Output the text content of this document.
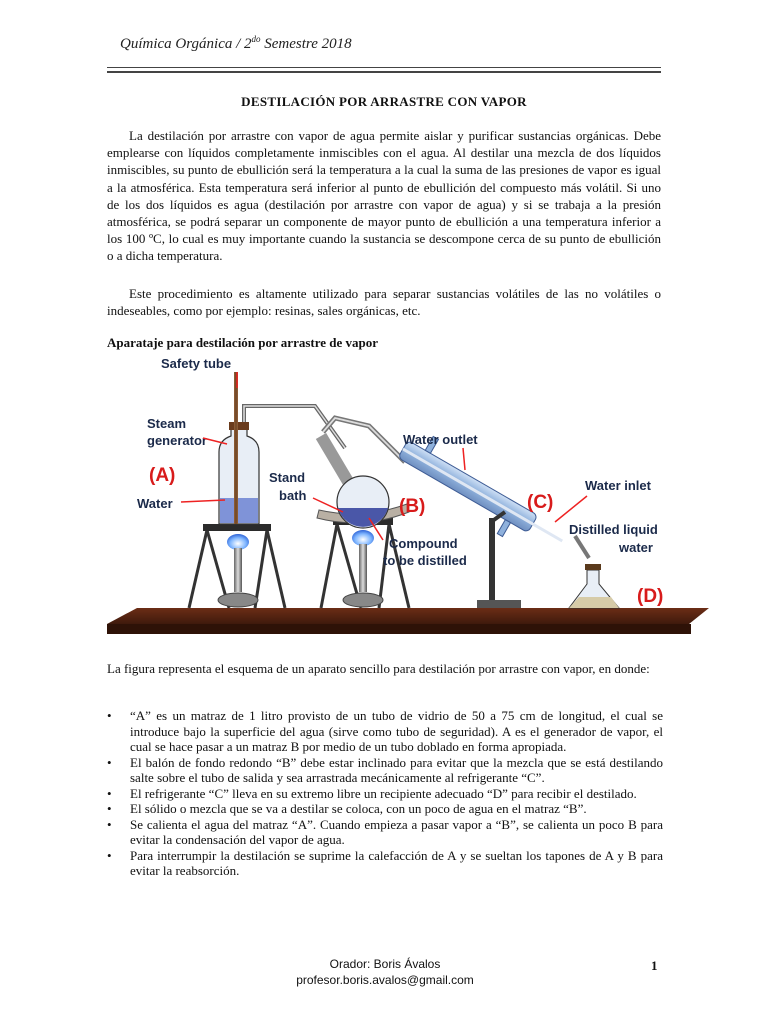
Química Orgánica / $2^{do}$ Semestre 2018
DESTILACIÓN POR ARRASTRE CON VAPOR

La destilación por arrastre con vapor de agua permite aislar y purificar sustancias orgánicas. Debe emplearse con líquidos completamente inmiscibles con el agua. Al destilar una mezcla de dos líquidos inmiscibles, su punto de ebullición será la temperatura a la cual la suma de las presiones de vapor es igual a la atmosférica. Esta temperatura será inferior al punto de ebullición del compuesto más volátil. Si uno de los dos líquidos es agua (destilación por arrastre con vapor de agua) y si se trabaja a la presión atmosférica, se podrá separar un componente de mayor punto de ebullición a una temperatura inferior a los 100 ºC, lo cual es muy importante cuando la sustancia se descompone cerca de su punto de ebullición o a dicha temperatura.

Este procedimiento es altamente utilizado para separar sustancias volátiles de las no volátiles o indeseables, como por ejemplo: resinas, sales orgánicas, etc.

Aparataje para destilación por arrastre de vapor
Safety tube
Steam
generator
(A)
Water
Stand
bath
(B)
Compound
to be distilled
Water outlet
(C)
Water inlet
Distilled liquid
water
(D)

La figura representa el esquema de un aparato sencillo para destilación por arrastre con vapor, en donde:

• “A” es un matraz de 1 litro provisto de un tubo de vidrio de 50 a 75 cm de longitud, el cual se introduce bajo la superficie del agua (sirve como tubo de seguridad). A es el generador de vapor, el cual se hace pasar a un matraz B por medio de un tubo doblado en forma apropiada.
• El balón de fondo redondo “B” debe estar inclinado para evitar que la mezcla que se está destilando salte sobre el tubo de salida y sea arrastrada mecánicamente al refrigerante “C”.
• El refrigerante “C” lleva en su extremo libre un recipiente adecuado “D” para recibir el destilado.
• El sólido o mezcla que se va a destilar se coloca, con un poco de agua en el matraz “B”.
• Se calienta el agua del matraz “A”. Cuando empieza a pasar vapor a “B”, se calienta un poco B para evitar la condensación del vapor de agua.
• Para interrumpir la destilación se suprime la calefacción de A y se sueltan los tapones de A y B para evitar la reabsorción.
Orador: Boris Ávalos
profesor.boris.avalos@gmail.com
1
